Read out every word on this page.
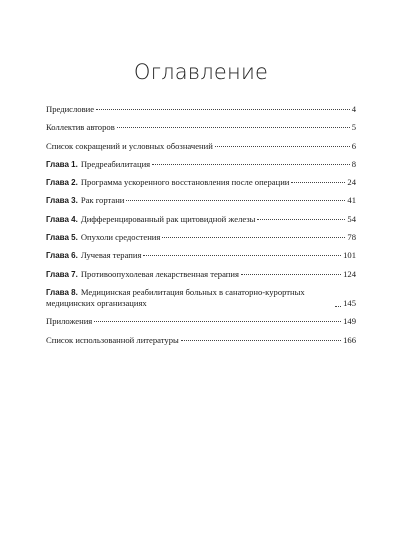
Оглавление
Предисловие	4
Коллектив авторов	5
Список сокращений и условных обозначений	6
Глава 1. Предреабилитация	8
Глава 2. Программа ускоренного восстановления после операции	24
Глава 3. Рак гортани	41
Глава 4. Дифференцированный рак щитовидной железы	54
Глава 5. Опухоли средостения	78
Глава 6. Лучевая терапия	101
Глава 7. Противоопухолевая лекарственная терапия	124
Глава 8. Медицинская реабилитация больных в санаторно-курортных медицинских организациях	145
Приложения	149
Список использованной литературы	166
